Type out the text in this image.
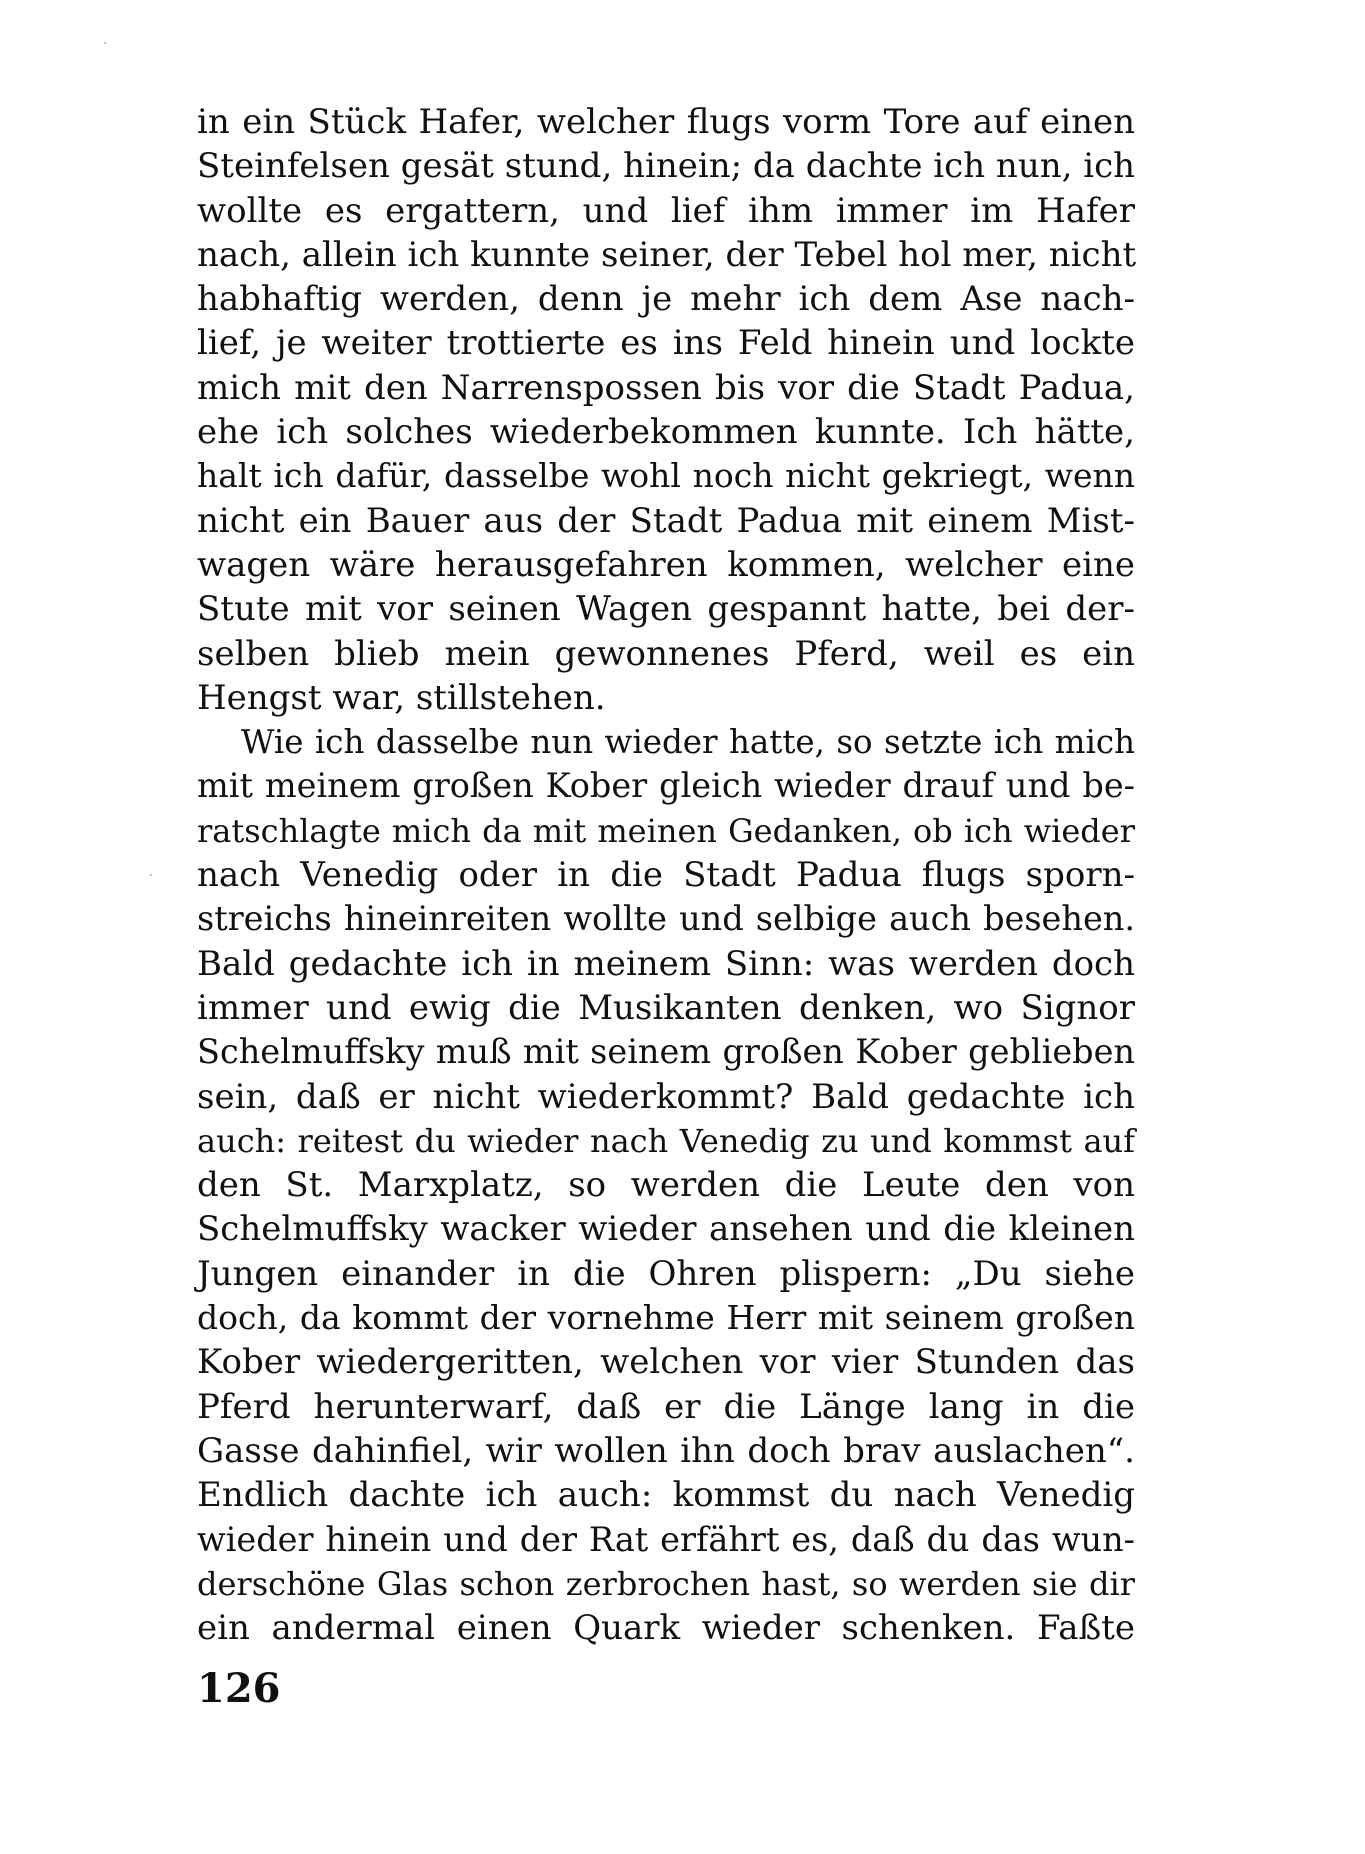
in ein Stück Hafer, welcher flugs vorm Tore auf einen
Steinfelsen gesät stund, hinein; da dachte ich nun, ich
wollte es ergattern, und lief ihm immer im Hafer
nach, allein ich kunnte seiner, der Tebel hol mer, nicht
habhaftig werden, denn je mehr ich dem Ase nach-
lief, je weiter trottierte es ins Feld hinein und lockte
mich mit den Narrenspossen bis vor die Stadt Padua,
ehe ich solches wiederbekommen kunnte. Ich hätte,
halt ich dafür, dasselbe wohl noch nicht gekriegt, wenn
nicht ein Bauer aus der Stadt Padua mit einem Mist-
wagen wäre herausgefahren kommen, welcher eine
Stute mit vor seinen Wagen gespannt hatte, bei der-
selben blieb mein gewonnenes Pferd, weil es ein
Hengst war, stillstehen.
Wie ich dasselbe nun wieder hatte, so setzte ich mich
mit meinem großen Kober gleich wieder drauf und be-
ratschlagte mich da mit meinen Gedanken, ob ich wieder
nach Venedig oder in die Stadt Padua flugs sporn-
streichs hineinreiten wollte und selbige auch besehen.
Bald gedachte ich in meinem Sinn: was werden doch
immer und ewig die Musikanten denken, wo Signor
Schelmuffsky muß mit seinem großen Kober geblieben
sein, daß er nicht wiederkommt? Bald gedachte ich
auch: reitest du wieder nach Venedig zu und kommst auf
den St. Marxplatz, so werden die Leute den von
Schelmuffsky wacker wieder ansehen und die kleinen
Jungen einander in die Ohren plispern: „Du siehe
doch, da kommt der vornehme Herr mit seinem großen
Kober wiedergeritten, welchen vor vier Stunden das
Pferd herunterwarf, daß er die Länge lang in die
Gasse dahinfiel, wir wollen ihn doch brav auslachen“.
Endlich dachte ich auch: kommst du nach Venedig
wieder hinein und der Rat erfährt es, daß du das wun-
derschöne Glas schon zerbrochen hast, so werden sie dir
ein andermal einen Quark wieder schenken. Faßte
126
